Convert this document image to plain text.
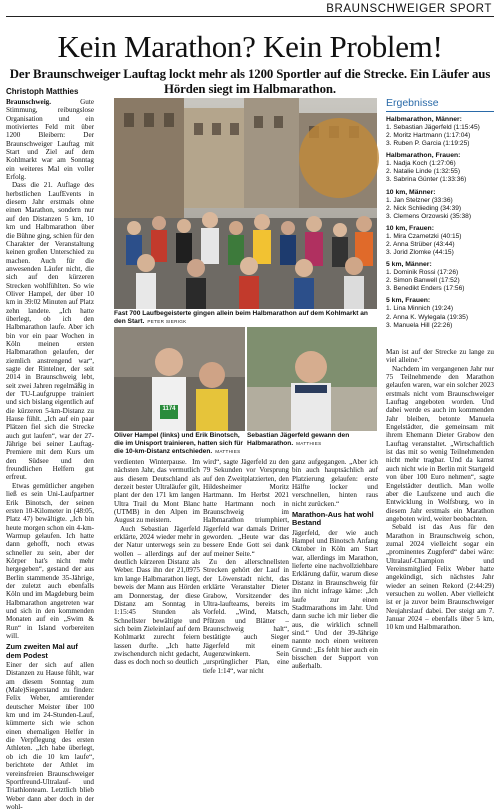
BRAUNSCHWEIGER SPORT
Kein Marathon? Kein Problem!
Der Braunschweiger Lauftag lockt mehr als 1200 Sportler auf die Strecke. Ein Läufer aus Hörden siegt im Halbmarathon.
Christoph Matthies

Braunschweig. Gute Stimmung, reibungslose Organisation und ein motiviertes Feld mit über 1200 Bleibern: Der Braunschweiger Lauftag mit Start und Ziel auf dem Kohlmarkt war am Sonntag ein weiteres Mal ein voller Erfolg.

Dass die 21. Auflage des herbstlichen LaufEvents in diesem Jahr erstmals ohne einen Marathon, sondern nur auf den Distanzen 5 km, 10 km und Halbmarathon über die Bühne ging, schien für den Charakter der Veranstaltung keinen großen Unterschied zu machen. Auch für die anwesenden Läufer nicht, die sich auf den kürzeren Strecken wohlfühlten. So wie Oliver Hampel, der über 10 km in 39:02 Minuten auf Platz zehn landete. „Ich hatte überlegt, ob ich den Halbmarathon laufe. Aber ich bin vor ein paar Wochen in Köln meinen ersten Halbmarathon gelaufen, der ziemlich anstrengend war“, sagte der Rintelner, der seit 2014 in Braunschweig lebt, seit zwei Jahren regelmäßig in der TU-Laufgruppe trainiert und sich bislang eigentlich auf die kürzeren 5-km-Distanz zu Hause fühlt. „Ich auf ein paar Plätzen fiel sich die Strecke auch gut laufen“, war der 27-Jährige bei seiner Lauftag-Premiere mit dem Kurs um den Südsee und den freundlichen Helfern gut erfreut.

Etwas gemütlicher angehen ließ es sein Uni-Laufpartner Erik Binotsch, der seinen ersten 10-Kilometer in (48:05, Platz 47) bewältigte. „Ich bin heute morgen schon ein 4-km-Warmup gelaufen. Ich hatte dann gehofft, noch etwas schneller zu sein, aber der Körper hat's nicht mehr hergegeben“, gestand der aus Berlin stammende 35-Jährige, der zuletzt auch ebenfalls Köln und im Magdeburg beim Halbmarathon angetreten war und sich in den kommenden Monaten auf ein „Swim & Run“ in Island vorbereiten will.

Zum zweiten Mal auf dem Podest

Einer der sich auf allen Distanzen zu Hause fühlt, war am diesem Sonntag zum (Male)Siegerstand zu finden: Felix Weber, amtierender deutscher Meister über 100 km und im 24-Stunden-Lauf, kümmerte sich wie schon einen ehemaligen Helfer in die Verpflegung des ersten Athleten. „Ich habe überlegt, ob ich die 10 km laufe“, berichtete der Athlet im vereinsfreien Braunschweiger Sportfreund-Ultralauf- und Triathlonteam. Letztlich blieb Weber dann aber doch in der wohl-

Fast 700 Laufbegeisterte gingen allein beim Halbmarathon auf dem Kohlmarkt an den Start. PETER SIERIGK
1174
Oliver Hampel (links) und Erik Binotsch, die im Unisport trainieren, hatten sich für die 10-km-Distanz entschieden. MATTHIES
Sebastian Jägerfeld gewann den Halbmarathon. MATTHIES

verdienten Winterpause. Im nächsten Jahr, das vermutlich aus diesem Deutschland als derzeit bester Ultraläufer gilt, plant der den 171 km langen Ultra Trail du Mont Blanc (UTMB) in den Alpen im August zu meistern.

Auch Sebastian Jägerfeld erklärte, 2024 wieder mehr in der Natur unterwegs sein zu wollen – allerdings auf der deutlich kürzeren Distanz als Weber. Dass ihn der 21,0975 km lange Halbmarathon liegt, beweis der Mann aus Hörden am Donnerstag, der diese Distanz am Sonntag in 1:15:45 Stunden als Schnellster bewältigte und sich beim Zieleinlauf auf dem Kohlmarkt zurecht feiern lassen durfte. „Ich hatte zwischendurch nicht gedacht, dass es doch noch so deutlich

wird“, sagte Jägerfeld zu den 79 Sekunden vor Vorsprung auf den Zweitplatzierten, den Hildesheimer Moritz Hartmann. Im Herbst 2021 hatte Hartmann noch in Braunschweig im Halbmarathon triumphiert, Jägerfeld war damals Dritter geworden. „Heute war das bessere Ende Gott sei dank auf meiner Seite.“

Zu den allerschnellsten Strecken gehört der Lauf in der Löwenstadt nicht, das erklärte Veranstalter Dieter Grabow, Vorsitzender des Ultra-laufteams, bereits im Vorfeld. „Wind, Matsch, Pfützen und Blätter – Braunschweig halt“, bestätigte auch Sieger Jägerfeld mit einem Augenzwinkern. Sein „ursprünglicher Plan, eine tiefe 1:14“, war nicht

ganz aufgegangen. „Aber ich bin auch hauptsächlich auf Platzierung gelaufen: erste Hälfte locker und verschnellen, hinten raus nicht zurücken.“

Marathon-Aus hat wohl Bestand

Jägerfeld, der wie auch Hampel und Binotsch Anfang Oktober in Köln am Start war, allerdings im Marathon, lieferte eine nachvollziehbare Erklärung dafür, warum diese Distanz in Braunschweig für ihn nicht infrage käme: „Ich laufe zur einen Stadtmarathons im Jahr. Und dann suche ich mir lieber die aus, die wirklich schnell sind.“ Und der 39-Jährige nannte noch einen weiteren Grund: „Es fehlt hier auch ein bisschen der Support von außerhalb.

Ergebnisse
Halbmarathon, Männer:
1. Sebastian Jägerfeld (1:15:45)
2. Moritz Hartmann (1:17:04)
3. Ruben P. Garcia (1:19:25)
Halbmarathon, Frauen:
1. Nadja Koch (1:27:06)
2. Natalie Linde (1:32:55)
3. Sabrina Günter (1:33:36)
10 km, Männer:
1. Jan Stelzner (33:36)
2. Nick Schlieding (34:39)
3. Clemens Orzowski (35:38)
10 km, Frauen:
1. Mira Czametzki (40:15)
2. Anna Strüber (43:44)
3. Jorid Zlomke (44:15)
5 km, Männer:
1. Dominik Rossi (17:26)
2. Simon Banwell (17:52)
3. Benedikt Enders (17:56)
5 km, Frauen:
1. Lina Minnich (19:24)
2. Anna K. Wylegala (19:35)
3. Manuela Hill (22:26)

Man ist auf der Strecke zu lange zu viel alleine.“

Nachdem im vergangenen Jahr nur 75 Teilnehmende den Marathon gelaufen waren, war ein solcher 2023 erstmals nicht vom Braunschweiger Lauftag angeboten worden. Und dabei werde es auch im kommenden Jahr bleiben, betonte Manuela Engelstädter, die gemeinsam mit ihrem Ehemann Dieter Grabow den Lauftag veranstaltet. „Wirtschaftlich ist das mit so wenig Teilnehmenden nicht mehr tragbar. Und da kamst auch nicht wie in Berlin mit Startgeld von über 100 Euro nehmen“, sagte Engelstädter deutlich. Man wolle aber die Laufszene und auch die Entwicklung in Wolfsburg, wo in diesem Jahr erstmals ein Marathon angeboten wird, weiter beobachten.

Sebald ist das Aus für den Marathon in Braunschweig schon, zumal 2024 vielleicht sogar ein „prominentes Zugpferd“ dabei wäre: Ultralauf-Champion und Vereinsmitglied Felix Weber hatte angekündigt, sich nächstes Jahr wieder an seinen Rekord (2:44:29) versuchen zu wollen. Aber vielleicht ist er ja zuvor beim Braunschweiger Neujahrslauf dabei. Der steigt am 7. Januar 2024 – ebenfalls über 5 km, 10 km und Halbmarathon.
